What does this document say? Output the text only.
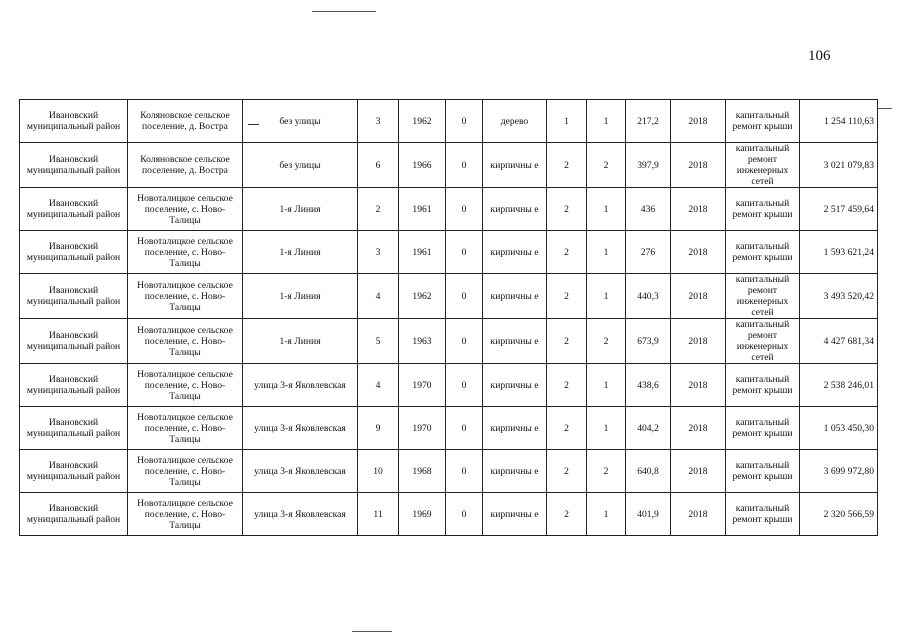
106
Ивановский муниципальный район	Коляновское сельское поселение, д. Востра	без улицы	3	1962	0	дерево	1	1	217,2	2018	капитальный ремонт крыши	1 254 110,63
Ивановский муниципальный район	Коляновское сельское поселение, д. Востра	без улицы	6	1966	0	кирпичны е	2	2	397,9	2018	капитальный ремонт инженерных сетей	3 021 079,83
Ивановский муниципальный район	Новоталицкое сельское поселение, с. Ново-Талицы	1-я Линия	2	1961	0	кирпичны е	2	1	436	2018	капитальный ремонт крыши	2 517 459,64
Ивановский муниципальный район	Новоталицкое сельское поселение, с. Ново-Талицы	1-я Линия	3	1961	0	кирпичны е	2	1	276	2018	капитальный ремонт крыши	1 593 621,24
Ивановский муниципальный район	Новоталицкое сельское поселение, с. Ново-Талицы	1-я Линия	4	1962	0	кирпичны е	2	1	440,3	2018	капитальный ремонт инженерных сетей	3 493 520,42
Ивановский муниципальный район	Новоталицкое сельское поселение, с. Ново-Талицы	1-я Линия	5	1963	0	кирпичны е	2	2	673,9	2018	капитальный ремонт инженерных сетей	4 427 681,34
Ивановский муниципальный район	Новоталицкое сельское поселение, с. Ново-Талицы	улица 3-я Яковлевская	4	1970	0	кирпичны е	2	1	438,6	2018	капитальный ремонт крыши	2 538 246,01
Ивановский муниципальный район	Новоталицкое сельское поселение, с. Ново-Талицы	улица 3-я Яковлевская	9	1970	0	кирпичны е	2	1	404,2	2018	капитальный ремонт крыши	1 053 450,30
Ивановский муниципальный район	Новоталицкое сельское поселение, с. Ново-Талицы	улица 3-я Яковлевская	10	1968	0	кирпичны е	2	2	640,8	2018	капитальный ремонт крыши	3 699 972,80
Ивановский муниципальный район	Новоталицкое сельское поселение, с. Ново-Талицы	улица 3-я Яковлевская	11	1969	0	кирпичны е	2	1	401,9	2018	капитальный ремонт крыши	2 320 566,59
